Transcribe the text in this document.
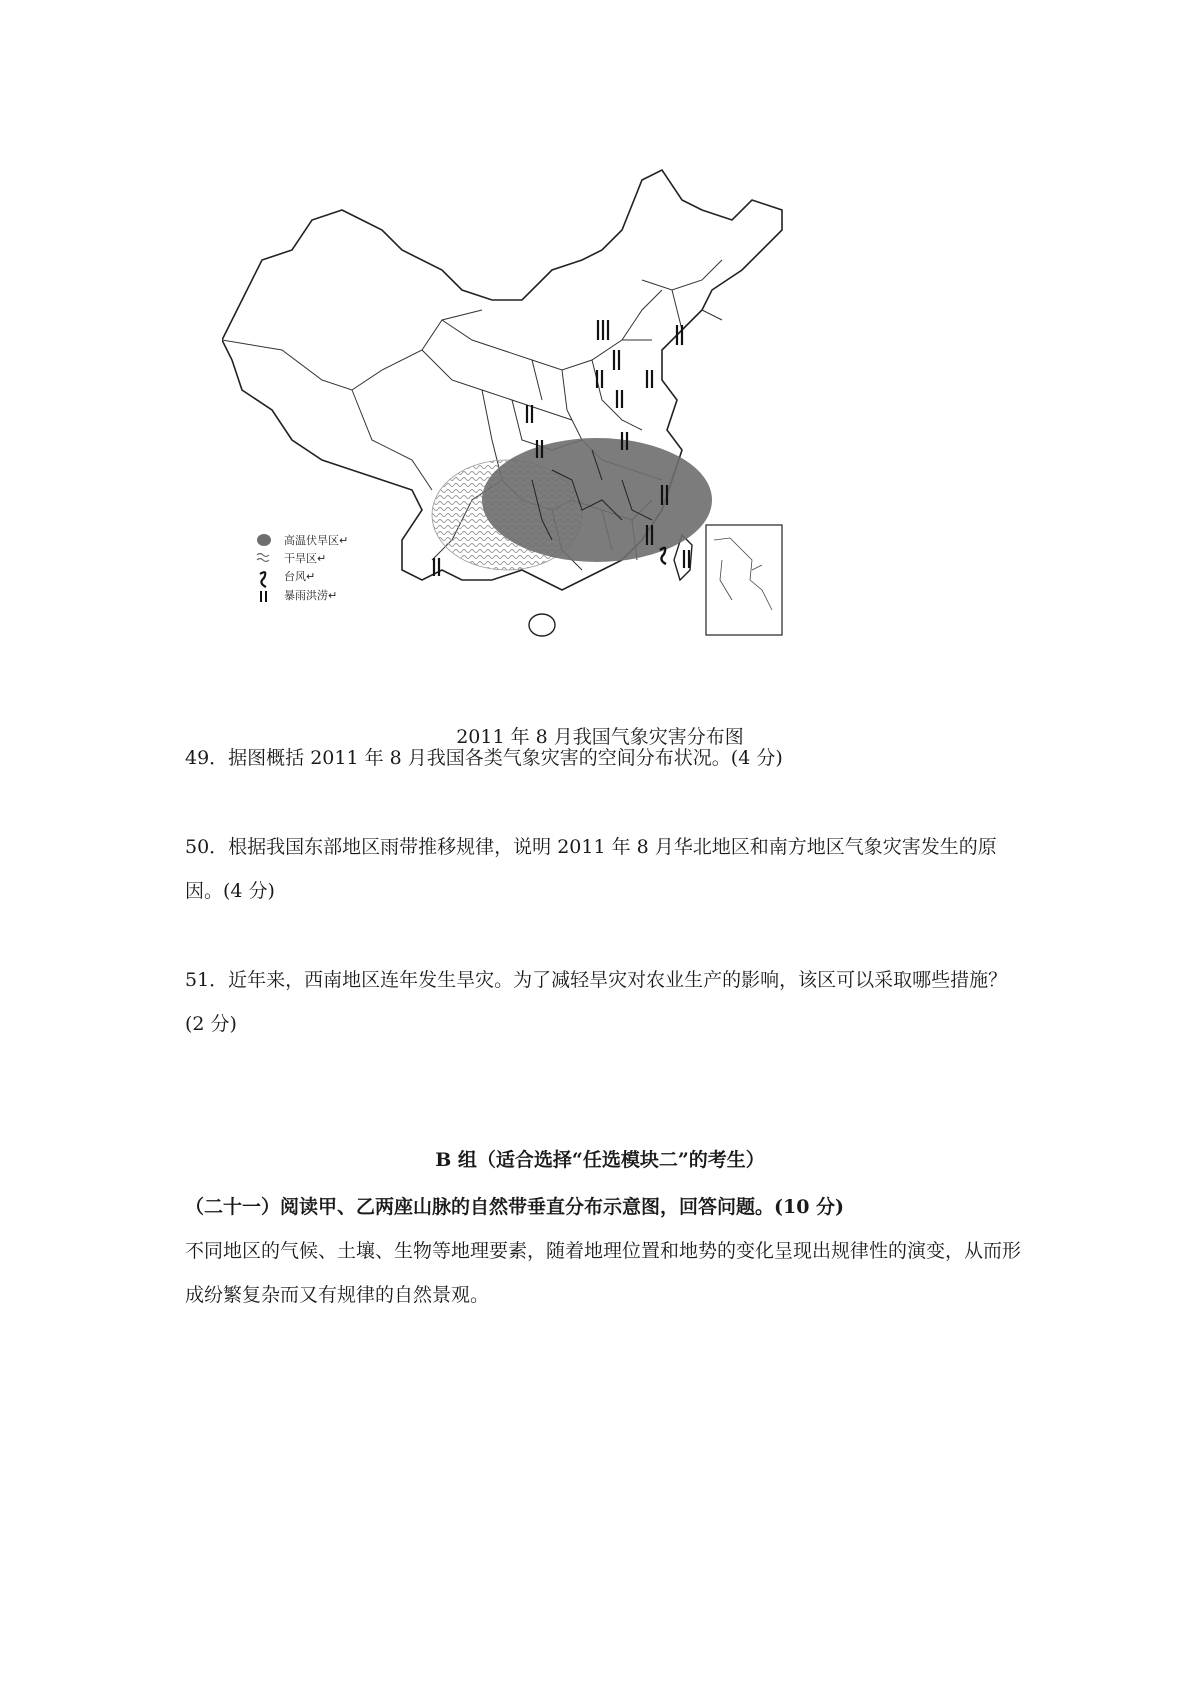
高温伏旱区↵
干旱区↵
台风↵
暴雨洪涝↵
2011 年 8 月我国气象灾害分布图
49．据图概括 2011 年 8 月我国各类气象灾害的空间分布状况。(4 分)
50．根据我国东部地区雨带推移规律，说明 2011 年 8 月华北地区和南方地区气象灾害发生的原因。(4 分)
51．近年来，西南地区连年发生旱灾。为了减轻旱灾对农业生产的影响，该区可以采取哪些措施？ (2 分)
B 组（适合选择“任选模块二”的考生）
（二十一）阅读甲、乙两座山脉的自然带垂直分布示意图，回答问题。(10 分)
不同地区的气候、土壤、生物等地理要素，随着地理位置和地势的变化呈现出规律性的演变，从而形成纷繁复杂而又有规律的自然景观。
